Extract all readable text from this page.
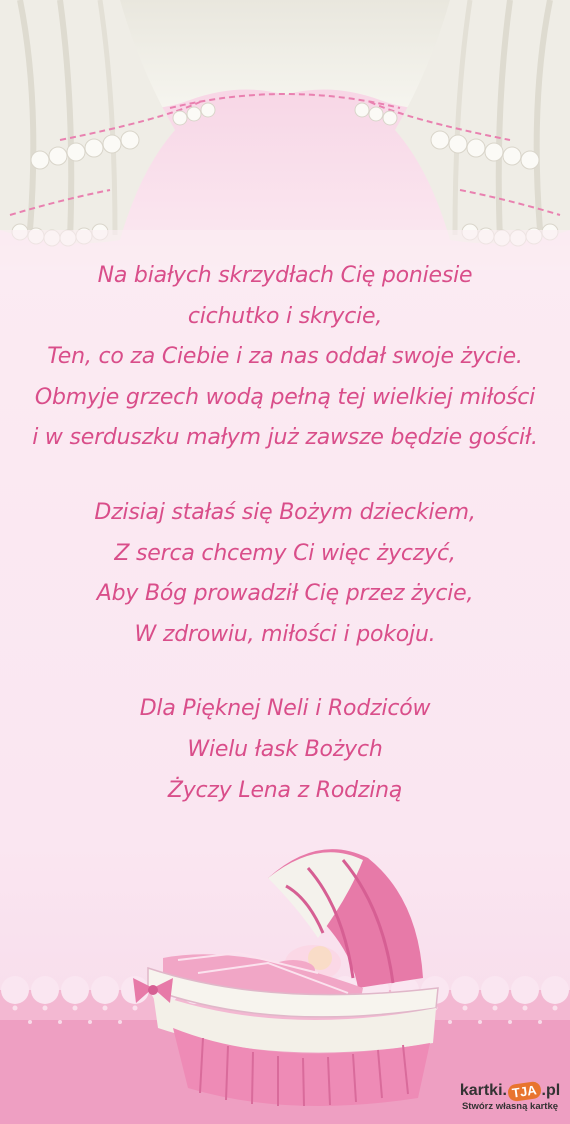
Na białych skrzydłach Cię poniesie
cichutko i skrycie,
Ten, co za Ciebie i za nas oddał swoje życie.
Obmyje grzech wodą pełną tej wielkiej miłości
i w serduszku małym już zawsze będzie gościł.
Dzisiaj stałaś się Bożym dzieckiem,
Z serca chcemy Ci więc życzyć,
Aby Bóg prowadził Cię przez życie,
W zdrowiu, miłości i pokoju.
Dla Pięknej Neli i Rodziców
Wielu łask Bożych
Życzy Lena z Rodziną
kartki. TJA .pl
Stwórz własną kartkę
